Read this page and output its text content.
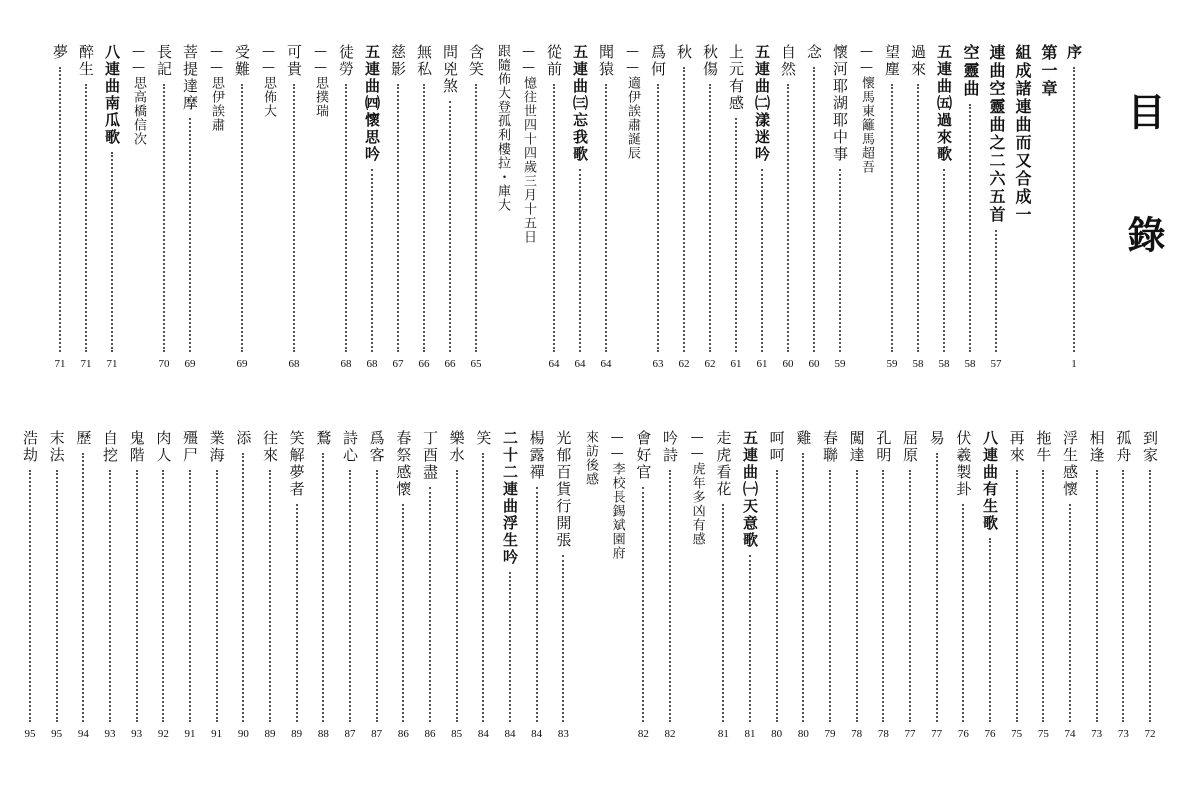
目 錄
序
1
第一章
組成諸連曲而又合成一
連曲空靈曲之二六五首
57
空靈曲
58
五連曲㈤過來歌
58
過來
58
望塵
59
——懷馬東籬馬超吾
懷河耶湖耶中事
59
念
60
自然
60
五連曲㈡漾迷吟
61
上元有感
61
秋傷
62
秋
62
爲何
63
——適伊誒肅誕辰
聞猿
64
五連曲㈢忘我歌
64
從前
64
——憶往世四十四歲三月十五日
跟隨佈大登孤利樓拉・庫大
含笑
65
問兇煞
66
無私
66
慈影
67
五連曲㈣懷思吟
68
徒勞
68
——思撲瑞
可貴
68
——思佈大
受難
69
——思伊誒肅
菩提達摩
69
長記
70
——思高橋信次
八連曲南瓜歌
71
醉生
71
夢
71
到家
72
孤舟
73
相逢
73
浮生感懷
74
拖牛
75
再來
75
八連曲有生歌
76
伏羲製卦
76
易
77
屈原
77
孔明
78
闖達
78
春聯
79
雞
80
呵呵
80
五連曲㈠天意歌
81
走虎看花
81
——虎年多凶有感
吟詩
82
會好官
82
——李校長錫斌園府
來訪後感
光郁百貨行開張
83
楊露禪
84
二十二連曲浮生吟
84
笑
84
樂水
85
丁酉盡
86
春祭感懷
86
爲客
87
詩心
87
鶩
88
笑解夢者
89
往來
89
添
90
業海
91
殭尸
91
肉人
92
鬼階
93
自挖
93
歷
94
末法
95
浩劫
95
